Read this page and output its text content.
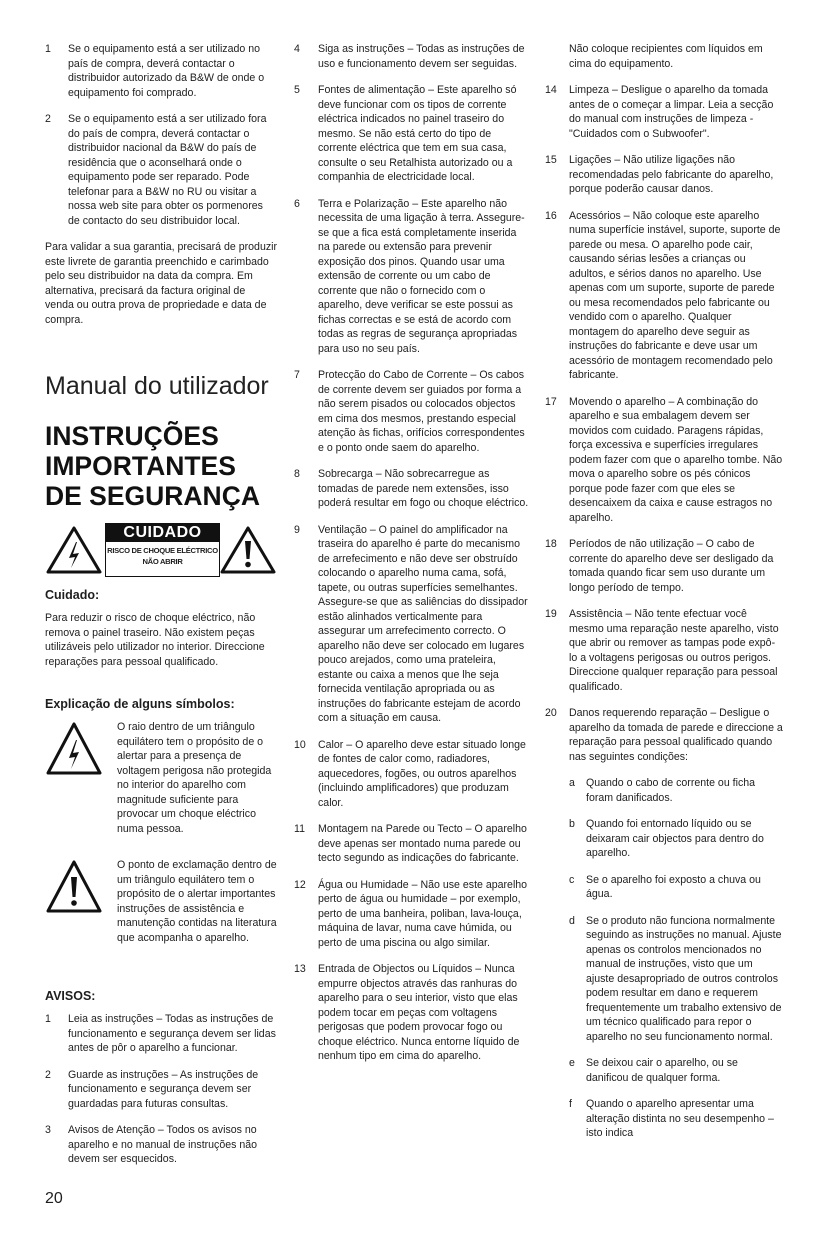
1 Se o equipamento está a ser utilizado no país de compra, deverá contactar o distribuidor autorizado da B&W de onde o equipamento foi comprado.
2 Se o equipamento está a ser utilizado fora do país de compra, deverá contactar o distribuidor nacional da B&W do país de residência que o aconselhará onde o equipamento pode ser reparado. Pode telefonar para a B&W no RU ou visitar a nossa web site para obter os pormenores de contacto do seu distribuidor local.

Para validar a sua garantia, precisará de produzir este livrete de garantia preenchido e carimbado pelo seu distribuidor na data da compra. Em alternativa, precisará da factura original de venda ou outra prova de propriedade e data de compra.

Manual do utilizador
INSTRUÇÕES IMPORTANTES DE SEGURANÇA
CUIDADO
RISCO DE CHOQUE ELÉCTRICO
NÃO ABRIR
Cuidado:

Para reduzir o risco de choque eléctrico, não remova o painel traseiro. Não existem peças utilizáveis pelo utilizador no interior. Direccione reparações para pessoal qualificado.

Explicação de alguns símbolos:

O raio dentro de um triângulo equilátero tem o propósito de o alertar para a presença de voltagem perigosa não protegida no interior do aparelho com magnitude suficiente para provocar um choque eléctrico numa pessoa.

O ponto de exclamação dentro de um triângulo equilátero tem o propósito de o alertar importantes instruções de assistência e manutenção contidas na literatura que acompanha o aparelho.

AVISOS:
1 Leia as instruções – Todas as instruções de funcionamento e segurança devem ser lidas antes de pôr o aparelho a funcionar.
2 Guarde as instruções – As instruções de funcionamento e segurança devem ser guardadas para futuras consultas.
3 Avisos de Atenção – Todos os avisos no aparelho e no manual de instruções não devem ser esquecidos.

20

4 Siga as instruções – Todas as instruções de uso e funcionamento devem ser seguidas.
5 Fontes de alimentação – Este aparelho só deve funcionar com os tipos de corrente eléctrica indicados no painel traseiro do mesmo. Se não está certo do tipo de corrente eléctrica que tem em sua casa, consulte o seu Retalhista autorizado ou a companhia de electricidade local.
6 Terra e Polarização – Este aparelho não necessita de uma ligação à terra. Assegure-se que a fica está completamente inserida na parede ou extensão para prevenir exposição dos pinos. Quando usar uma extensão de corrente ou um cabo de corrente que não o fornecido com o aparelho, deve verificar se este possui as fichas correctas e se está de acordo com todas as regras de segurança apropriadas para uso no seu país.
7 Protecção do Cabo de Corrente – Os cabos de corrente devem ser guiados por forma a não serem pisados ou colocados objectos em cima dos mesmos, prestando especial atenção às fichas, orifícios correspondentes e o ponto onde saem do aparelho.
8 Sobrecarga – Não sobrecarregue as tomadas de parede nem extensões, isso poderá resultar em fogo ou choque eléctrico.
9 Ventilação – O painel do amplificador na traseira do aparelho é parte do mecanismo de arrefecimento e não deve ser obstruído colocando o aparelho numa cama, sofá, tapete, ou outras superfícies semelhantes. Assegure-se que as saliências do dissipador estão alinhados verticalmente para assegurar um arrefecimento correcto. O aparelho não deve ser colocado em lugares pouco arejados, como uma prateleira, estante ou caixa a menos que lhe seja fornecida ventilação apropriada ou as instruções do fabricante estejam de acordo com a situação em causa.
10 Calor – O aparelho deve estar situado longe de fontes de calor como, radiadores, aquecedores, fogões, ou outros aparelhos (incluindo amplificadores) que produzam calor.
11 Montagem na Parede ou Tecto – O aparelho deve apenas ser montado numa parede ou tecto segundo as indicações do fabricante.
12 Água ou Humidade – Não use este aparelho perto de água ou humidade – por exemplo, perto de uma banheira, poliban, lava-louça, máquina de lavar, numa cave húmida, ou perto de uma piscina ou algo similar.
13 Entrada de Objectos ou Líquidos – Nunca empurre objectos através das ranhuras do aparelho para o seu interior, visto que elas podem tocar em peças com voltagens perigosas que podem provocar fogo ou choque eléctrico. Nunca entorne líquido de nenhum tipo em cima do aparelho.
Não coloque recipientes com líquidos em cima do equipamento.
14 Limpeza – Desligue o aparelho da tomada antes de o começar a limpar. Leia a secção do manual com instruções de limpeza -"Cuidados com o Subwoofer".
15 Ligações – Não utilize ligações não recomendadas pelo fabricante do aparelho, porque poderão causar danos.
16 Acessórios – Não coloque este aparelho numa superfície instável, suporte, suporte de parede ou mesa. O aparelho pode cair, causando sérias lesões a crianças ou adultos, e sérios danos no aparelho. Use apenas com um suporte, suporte de parede ou mesa recomendados pelo fabricante ou vendido com o aparelho. Qualquer montagem do aparelho deve seguir as instruções do fabricante e deve usar um acessório de montagem recomendado pelo fabricante.
17 Movendo o aparelho – A combinação do aparelho e sua embalagem devem ser movidos com cuidado. Paragens rápidas, força excessiva e superfícies irregulares podem fazer com que o aparelho tombe. Não mova o aparelho sobre os pés cónicos porque pode fazer com que eles se desencaixem da caixa e cause estragos no aparelho.
18 Períodos de não utilização – O cabo de corrente do aparelho deve ser desligado da tomada quando ficar sem uso durante um longo período de tempo.
19 Assistência – Não tente efectuar você mesmo uma reparação neste aparelho, visto que abrir ou remover as tampas pode expô-lo a voltagens perigosas ou outros perigos. Direccione qualquer reparação para pessoal qualificado.
20 Danos requerendo reparação – Desligue o aparelho da tomada de parede e direccione a reparação para pessoal qualificado quando nas seguintes condições:
a Quando o cabo de corrente ou ficha foram danificados.
b Quando foi entornado líquido ou se deixaram cair objectos para dentro do aparelho.
c Se o aparelho foi exposto a chuva ou água.
d Se o produto não funciona normalmente seguindo as instruções no manual. Ajuste apenas os controlos mencionados no manual de instruções, visto que um ajuste desapropriado de outros controlos podem resultar em dano e requerem frequentemente um trabalho extensivo de um técnico qualificado para repor o aparelho no seu funcionamento normal.
e Se deixou cair o aparelho, ou se danificou de qualquer forma.
f Quando o aparelho apresentar uma alteração distinta no seu desempenho – isto indica
